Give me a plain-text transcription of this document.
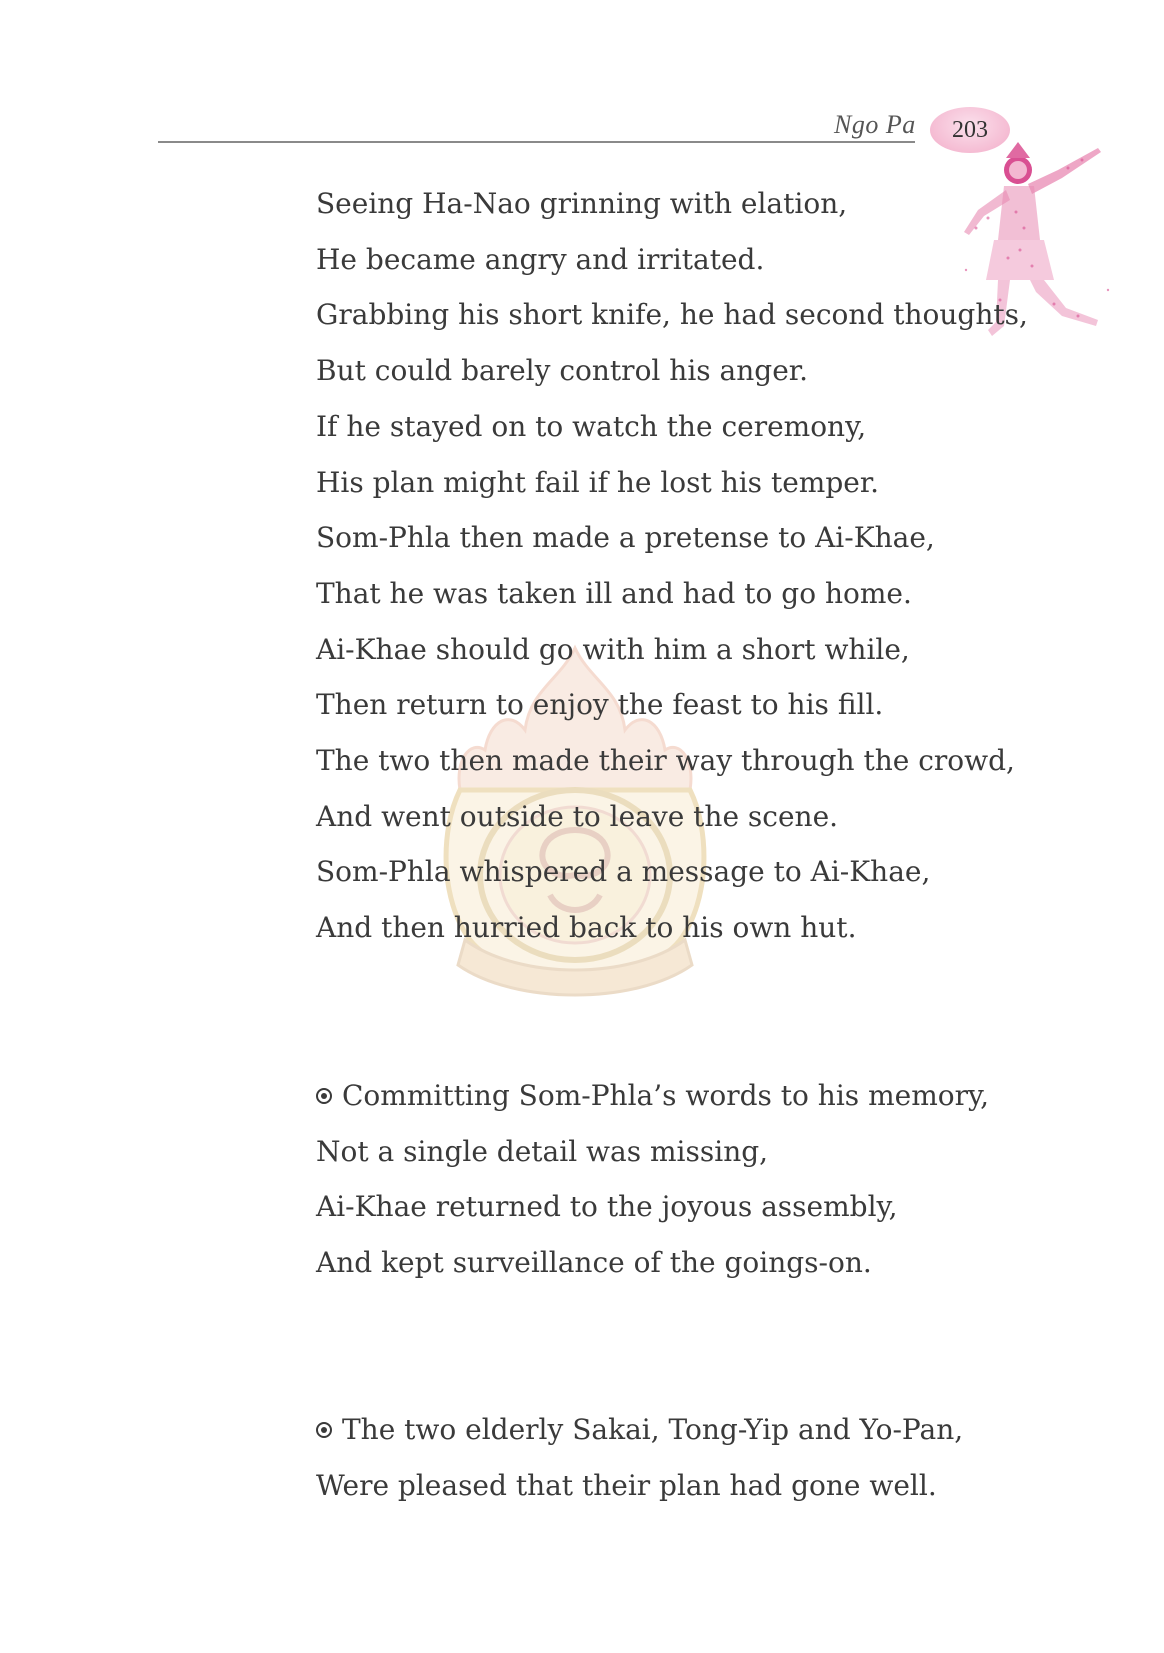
Ngo Pa 203
Seeing Ha-Nao grinning with elation,
He became angry and irritated.
Grabbing his short knife, he had second thoughts,
But could barely control his anger.
If he stayed on to watch the ceremony,
His plan might fail if he lost his temper.
Som-Phla then made a pretense to Ai-Khae,
That he was taken ill and had to go home.
Ai-Khae should go with him a short while,
Then return to enjoy the feast to his fill.
The two then made their way through the crowd,
And went outside to leave the scene.
Som-Phla whispered a message to Ai-Khae,
And then hurried back to his own hut.
Committing Som-Phla’s words to his memory,
Not a single detail was missing,
Ai-Khae returned to the joyous assembly,
And kept surveillance of the goings-on.
The two elderly Sakai, Tong-Yip and Yo-Pan,
Were pleased that their plan had gone well.
